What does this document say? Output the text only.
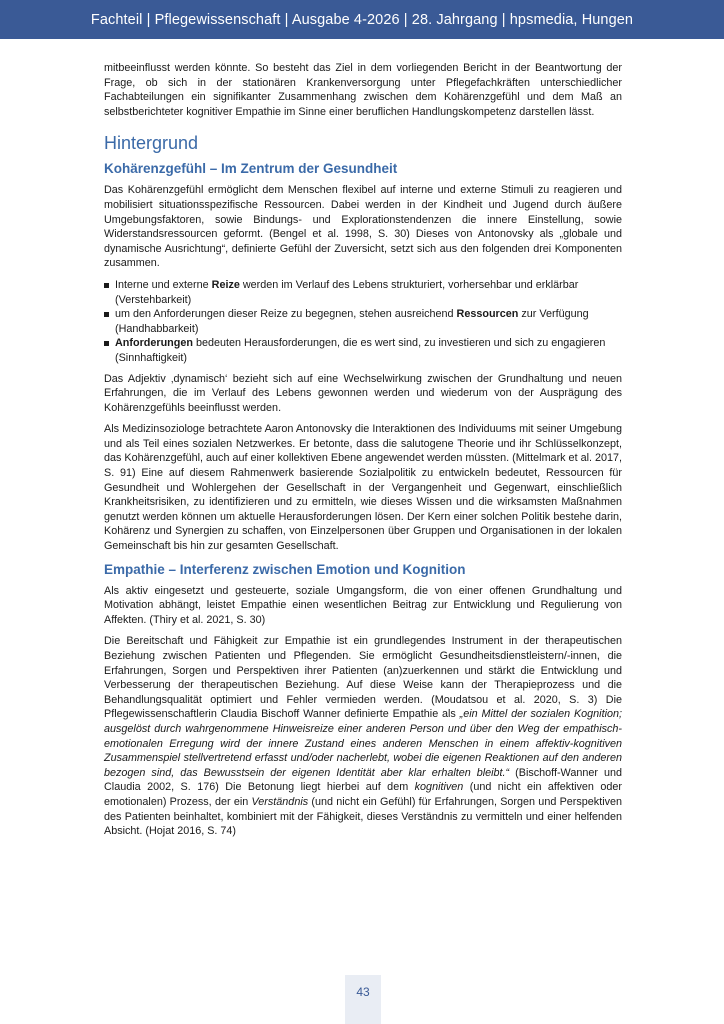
Fachteil | Pflegewissenschaft | Ausgabe 4-2026 | 28. Jahrgang | hpsmedia, Hungen

mitbeeinflusst werden könnte. So besteht das Ziel in dem vorliegenden Bericht in der Beantwortung der Frage, ob sich in der stationären Krankenversorgung unter Pflegefachkräften unterschiedlicher Fachabteilungen ein signifikanter Zusammenhang zwischen dem Kohärenzgefühl und dem Maß an selbstberichteter kognitiver Empathie im Sinne einer beruflichen Handlungskompetenz darstellen lässt.

Hintergrund
Kohärenzgefühl – Im Zentrum der Gesundheit

Das Kohärenzgefühl ermöglicht dem Menschen flexibel auf interne und externe Stimuli zu reagieren und mobilisiert situationsspezifische Ressourcen. Dabei werden in der Kindheit und Jugend durch äußere Umgebungsfaktoren, sowie Bindungs- und Explorationstendenzen die innere Einstellung, sowie Widerstandsressourcen geformt. (Bengel et al. 1998, S. 30) Dieses von Antonovsky als „globale und dynamische Ausrichtung“, definierte Gefühl der Zuversicht, setzt sich aus den folgenden drei Komponenten zusammen.

Interne und externe Reize werden im Verlauf des Lebens strukturiert, vorhersehbar und erklärbar (Verstehbarkeit)
um den Anforderungen dieser Reize zu begegnen, stehen ausreichend Ressourcen zur Verfügung (Handhabbarkeit)
Anforderungen bedeuten Herausforderungen, die es wert sind, zu investieren und sich zu engagieren (Sinnhaftigkeit)

Das Adjektiv ‚dynamisch‘ bezieht sich auf eine Wechselwirkung zwischen der Grundhaltung und neuen Erfahrungen, die im Verlauf des Lebens gewonnen werden und wiederum von der Ausprägung des Kohärenzgefühls beeinflusst werden.

Als Medizinsoziologe betrachtete Aaron Antonovsky die Interaktionen des Individuums mit seiner Umgebung und als Teil eines sozialen Netzwerkes. Er betonte, dass die salutogene Theorie und ihr Schlüsselkonzept, das Kohärenzgefühl, auch auf einer kollektiven Ebene angewendet werden müssten. (Mittelmark et al. 2017, S. 91) Eine auf diesem Rahmenwerk basierende Sozialpolitik zu entwickeln bedeutet, Ressourcen für Gesundheit und Wohlergehen der Gesellschaft in der Vergangenheit und Gegenwart, einschließlich Krankheitsrisiken, zu identifizieren und zu ermitteln, wie dieses Wissen und die wirksamsten Maßnahmen genutzt werden können um aktuelle Herausforderungen lösen. Der Kern einer solchen Politik bestehe darin, Kohärenz und Synergien zu schaffen, von Einzelpersonen über Gruppen und Organisationen in der lokalen Gemeinschaft bis hin zur gesamten Gesellschaft.

Empathie – Interferenz zwischen Emotion und Kognition

Als aktiv eingesetzt und gesteuerte, soziale Umgangsform, die von einer offenen Grundhaltung und Motivation abhängt, leistet Empathie einen wesentlichen Beitrag zur Entwicklung und Regulierung von Affekten. (Thiry et al. 2021, S. 30)

Die Bereitschaft und Fähigkeit zur Empathie ist ein grundlegendes Instrument in der therapeutischen Beziehung zwischen Patienten und Pflegenden. Sie ermöglicht Gesundheitsdienstleistern/-innen, die Erfahrungen, Sorgen und Perspektiven ihrer Patienten (an)zuerkennen und stärkt die Entwicklung und Verbesserung der therapeutischen Beziehung. Auf diese Weise kann der Therapieprozess und die Behandlungsqualität optimiert und Fehler vermieden werden. (Moudatsou et al. 2020, S. 3) Die Pflegewissenschaftlerin Claudia Bischoff Wanner definierte Empathie als „ein Mittel der sozialen Kognition; ausgelöst durch wahrgenommene Hinweisreize einer anderen Person und über den Weg der empathisch-emotionalen Erregung wird der innere Zustand eines anderen Menschen in einem affektiv-kognitiven Zusammenspiel stellvertretend erfasst und/oder nacherlebt, wobei die eigenen Reaktionen auf den anderen bezogen sind, das Bewusstsein der eigenen Identität aber klar erhalten bleibt.“ (Bischoff-Wanner und Claudia 2002, S. 176) Die Betonung liegt hierbei auf dem kognitiven (und nicht ein affektiven oder emotionalen) Prozess, der ein Verständnis (und nicht ein Gefühl) für Erfahrungen, Sorgen und Perspektiven des Patienten beinhaltet, kombiniert mit der Fähigkeit, dieses Verständnis zu vermitteln und einer helfenden Absicht. (Hojat 2016, S. 74)

43
